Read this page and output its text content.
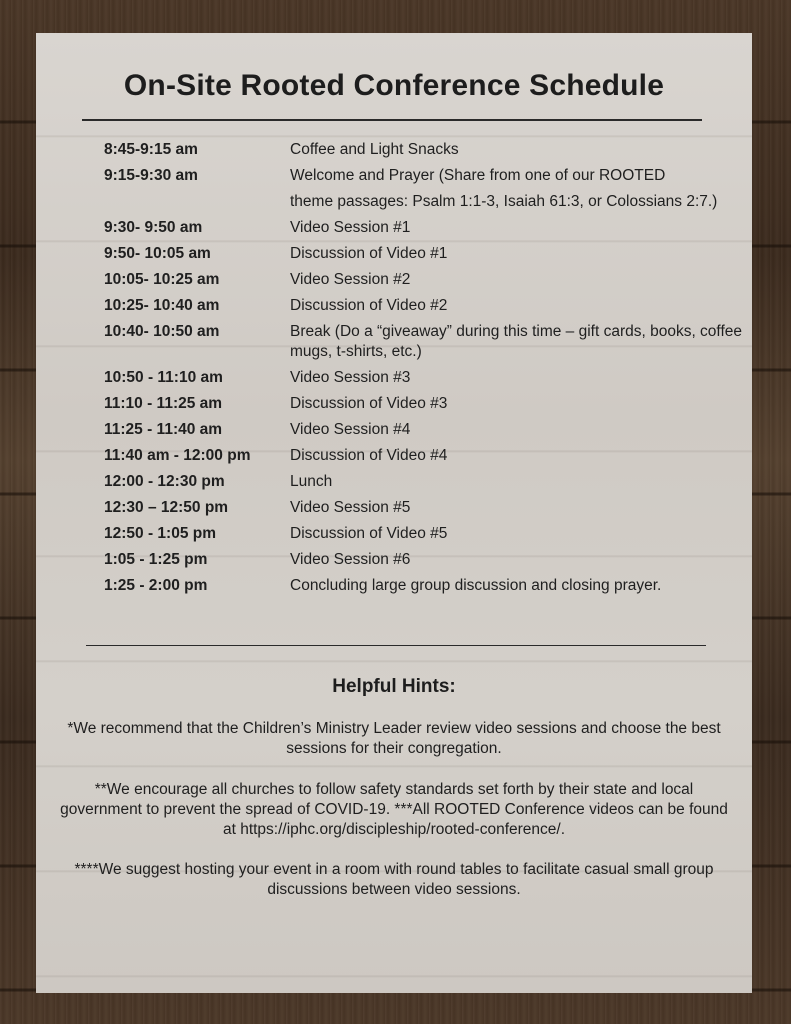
On-Site Rooted Conference Schedule
8:45-9:15 am	Coffee and Light Snacks
9:15-9:30 am	Welcome and Prayer (Share from one of our ROOTED
theme passages: Psalm 1:1-3, Isaiah 61:3, or Colossians 2:7.)
9:30- 9:50 am	Video Session #1
9:50- 10:05 am	Discussion of Video #1
10:05- 10:25 am	Video Session #2
10:25- 10:40 am	Discussion of Video #2
10:40- 10:50 am	Break (Do a “giveaway” during this time – gift cards, books, coffee mugs, t-shirts, etc.)
10:50 - 11:10 am	Video Session #3
11:10 - 11:25 am	Discussion of Video #3
11:25 - 11:40 am	Video Session #4
11:40 am - 12:00 pm	Discussion of Video #4
12:00 - 12:30 pm	Lunch
12:30 – 12:50 pm	Video Session #5
12:50 - 1:05 pm	Discussion of Video #5
1:05 - 1:25 pm	Video Session #6
1:25 - 2:00 pm	Concluding large group discussion and closing prayer.
Helpful Hints:
*We recommend that the Children’s Ministry Leader review video sessions and choose the best sessions for their congregation.
**We encourage all churches to follow safety standards set forth by their state and local government to prevent the spread of COVID-19. ***All ROOTED Conference videos can be found at https://iphc.org/discipleship/rooted-conference/.
****We suggest hosting your event in a room with round tables to facilitate casual small group discussions between video sessions.
